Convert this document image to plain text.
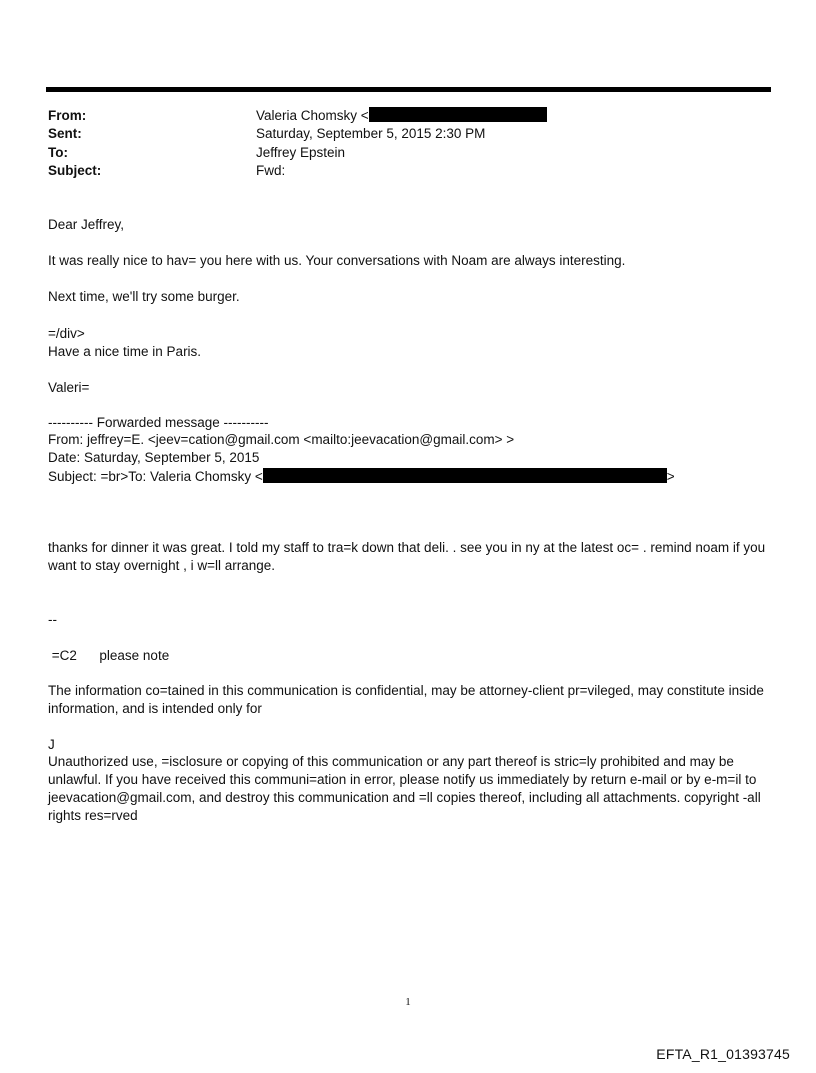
From:	Valeria Chomsky <
Sent:	Saturday, September 5, 2015 2:30 PM
To:	Jeffrey Epstein
Subject:	Fwd:
Dear Jeffrey,
It was really nice to hav= you here with us. Your conversations with Noam are always interesting.
Next time, we'll try some burger.
=/div>
Have a nice time in Paris.
Valeri=
---------- Forwarded message ----------
From: jeffrey=E. <jeev=cation@gmail.com <mailto:jeevacation@gmail.com> >
Date: Saturday, September 5, 2015
Subject: =br>To: Valeria Chomsky <	>
thanks for dinner it was great. I told my staff to tra=k down that deli. . see you in ny at the latest oc= . remind noam if you want to stay overnight , i w=ll arrange.
--
=C2      please note
The information co=tained in this communication is confidential, may be attorney-client pr=vileged, may constitute inside information, and is intended only for
J
Unauthorized use, =isclosure or copying of this communication or any part thereof is stric=ly prohibited and may be unlawful. If you have received this communi=ation in error, please notify us immediately by return e-mail or by e-m=il to jeevacation@gmail.com, and destroy this communication and =ll copies thereof, including all attachments. copyright -all rights res=rved
1
EFTA_R1_01393745
